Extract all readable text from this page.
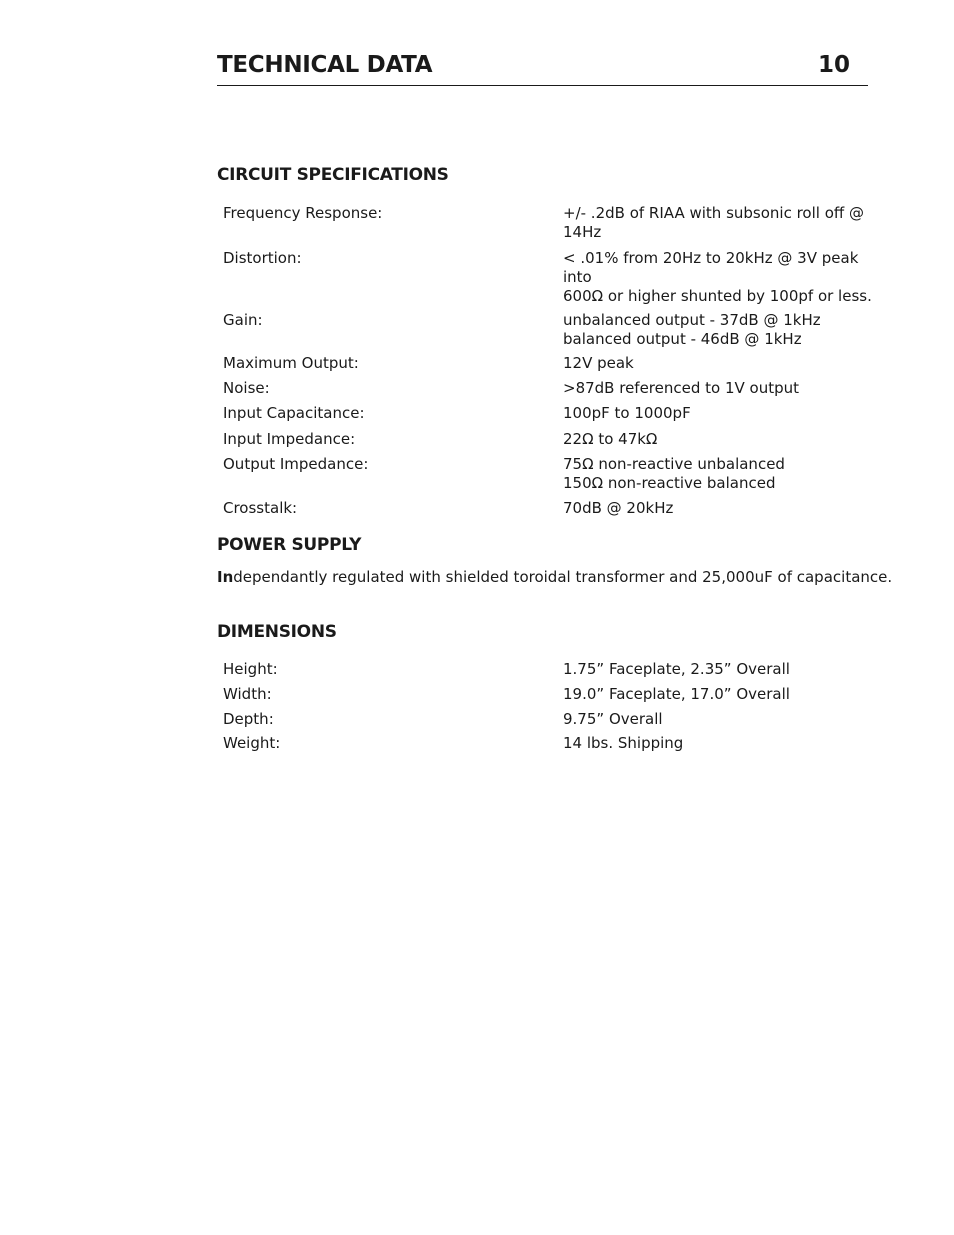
TECHNICAL DATA	10
CIRCUIT SPECIFICATIONS
Frequency Response:	+/- .2dB of RIAA with subsonic roll off @
14Hz
Distortion:	< .01% from 20Hz to 20kHz @ 3V peak into
600Ω or higher shunted by 100pf or less.
Gain:	unbalanced output - 37dB @ 1kHz
balanced output - 46dB @ 1kHz
Maximum Output:	12V peak
Noise:	>87dB referenced to 1V output
Input Capacitance:	100pF to 1000pF
Input Impedance:	22Ω to 47kΩ
Output Impedance:	75Ω non-reactive unbalanced
150Ω non-reactive balanced
Crosstalk:	70dB @ 20kHz
POWER SUPPLY
Independantly regulated with shielded toroidal transformer and 25,000uF of capacitance.
DIMENSIONS
Height:	1.75” Faceplate, 2.35” Overall
Width:	19.0” Faceplate, 17.0” Overall
Depth:	9.75” Overall
Weight:	14 lbs. Shipping
